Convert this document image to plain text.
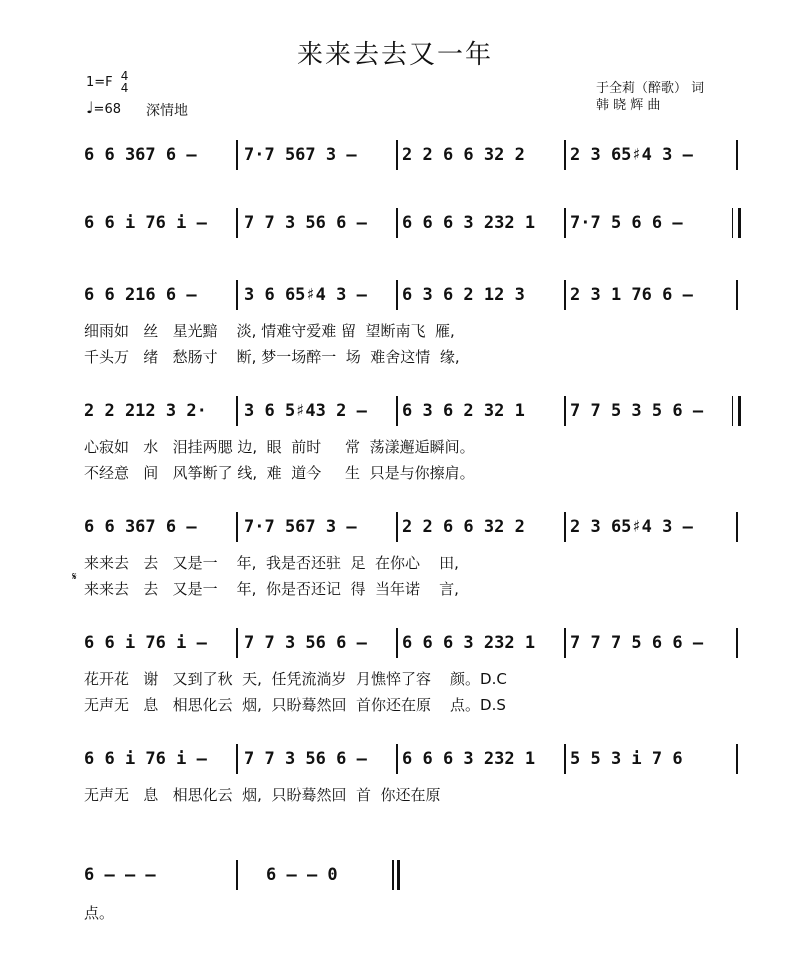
来来去去又一年
1=F 4
4
♩=68 深情地
于全莉（醉歌） 词
韩 晓 辉 曲
6 6 367 6 –	7·7 567 3 –	2 2 6 6 32 2	2 3 65♯4 3 –
6 6 i 76 i –	7 7 3 56 6 –	6 6 6 3 232 1	7·7 5 6 6 –
6 6 216 6 –	3 6 65♯4 3 –	6 3 6 2 12 3	2 3 1 76 6 –
细雨如   丝   星光黯    淡, 情难守爱难 留  望断南飞  雁,
千头万   绪   愁肠寸    断, 梦一场醉一  场  难舍这情  缘,
2 2 212 3 2·	3 6 5♯43 2 –	6 3 6 2 32 1	7 7 5 3 5 6 –
心寂如   水   泪挂两腮 边,  眼  前时     常  荡漾邂逅瞬间。
不经意   间   风筝断了 线,  难  道今     生  只是与你擦肩。
6 6 367 6 –	7·7 567 3 –	2 2 6 6 32 2	2 3 65♯4 3 –
来来去   去   又是一    年,  我是否还驻  足  在你心    田,
𝄋
来来去   去   又是一    年,  你是否还记  得  当年诺    言,
6 6 i 76 i –	7 7 3 56 6 –	6 6 6 3 232 1	7 7 7 5 6 6 –
花开花   谢   又到了秋  天,  任凭流淌岁  月憔悴了容    颜。D.C
无声无   息   相思化云  烟,  只盼蓦然回  首你还在原    点。D.S
6 6 i 76 i –	7 7 3 56 6 –	6 6 6 3 232 1	5 5 3 i 7 6
无声无   息   相思化云  烟,  只盼蓦然回  首  你还在原
6 – – –	6 – – 0
点。
